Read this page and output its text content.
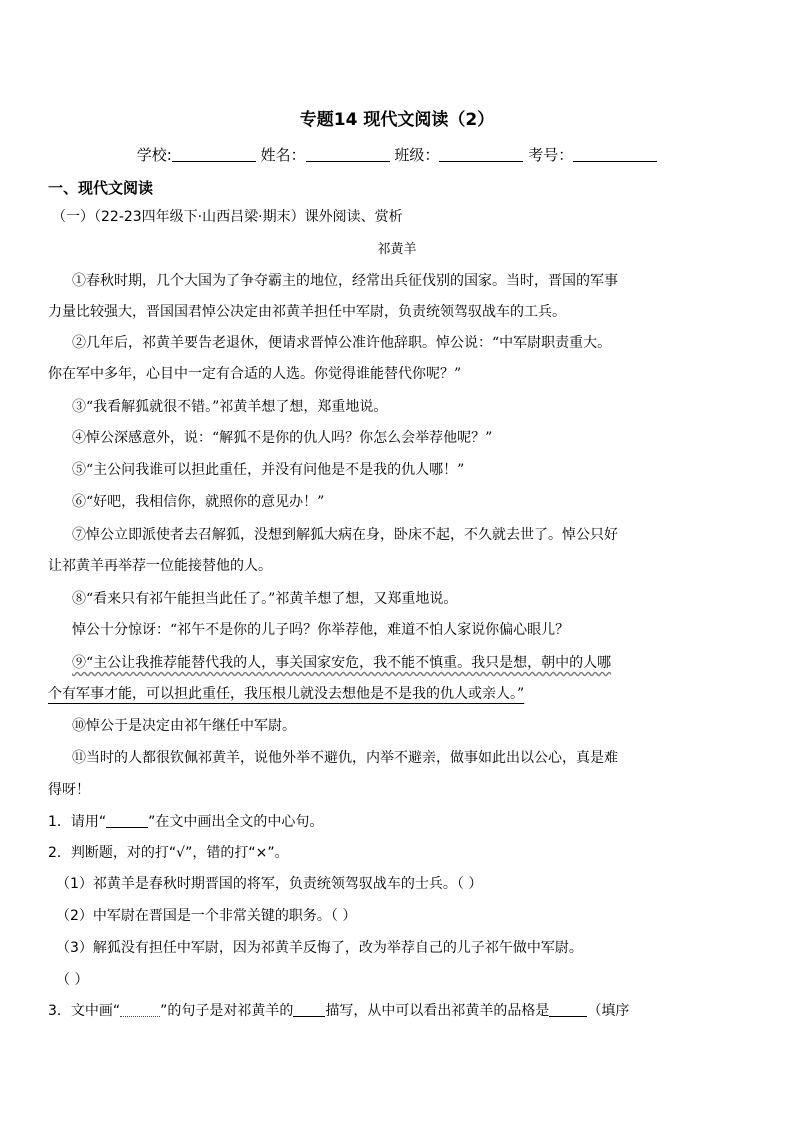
专题14 现代文阅读（2）
学校:	姓名：	班级：	考号：
一、现代文阅读
（一）（22-23四年级下·山西吕梁·期末）课外阅读、赏析
祁黄羊
①春秋时期，几个大国为了争夺霸主的地位，经常出兵征伐别的国家。当时，晋国的军事
力量比较强大，晋国国君悼公决定由祁黄羊担任中军尉，负责统领驾驭战车的工兵。
②几年后，祁黄羊要告老退休，便请求晋悼公准许他辞职。悼公说：“中军尉职责重大。
你在军中多年，心目中一定有合适的人选。你觉得谁能替代你呢？”
③“我看解狐就很不错。”祁黄羊想了想，郑重地说。
④悼公深感意外，说：“解狐不是你的仇人吗？你怎么会举荐他呢？”
⑤“主公问我谁可以担此重任，并没有问他是不是我的仇人哪！”
⑥“好吧，我相信你，就照你的意见办！”
⑦悼公立即派使者去召解狐，没想到解狐大病在身，卧床不起，不久就去世了。悼公只好
让祁黄羊再举荐一位能接替他的人。
⑧“看来只有祁午能担当此任了。”祁黄羊想了想，又郑重地说。
悼公十分惊讶：“祁午不是你的儿子吗？你举荐他，难道不怕人家说你偏心眼儿？
⑨“主公让我推荐能替代我的人，事关国家安危，我不能不慎重。我只是想，朝中的人哪
个有军事才能，可以担此重任，我压根儿就没去想他是不是我的仇人或亲人。”
⑩悼公于是决定由祁午继任中军尉。
⑪当时的人都很钦佩祁黄羊，说他外举不避仇，内举不避亲，做事如此出以公心，真是难
得呀！
1．请用“	”在文中画出全文的中心句。
2．判断题，对的打“√”，错的打“×”。
（1）祁黄羊是春秋时期晋国的将军，负责统领驾驭战车的士兵。（ ）
（2）中军尉在晋国是一个非常关键的职务。（ ）
（3）解狐没有担任中军尉，因为祁黄羊反悔了，改为举荐自己的儿子祁午做中军尉。
（ ）
3．文中画“	”的句子是对祁黄羊的 描写，从中可以看出祁黄羊的品格是	（填序
